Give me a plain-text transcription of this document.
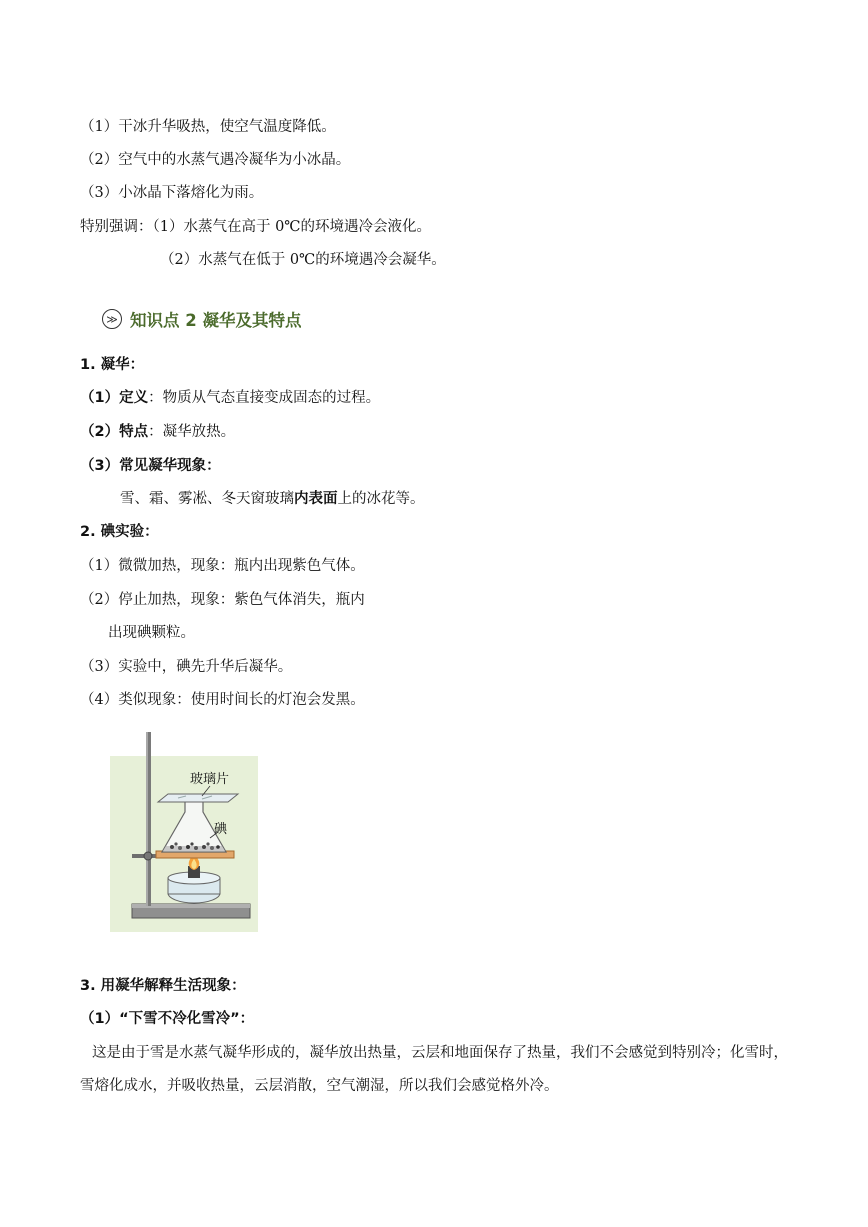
（1）干冰升华吸热，使空气温度降低。
（2）空气中的水蒸气遇冷凝华为小冰晶。
（3）小冰晶下落熔化为雨。
特别强调：（1）水蒸气在高于 0℃的环境遇冷会液化。
（2）水蒸气在低于 0℃的环境遇冷会凝华。
≫ 知识点 2 凝华及其特点
1. 凝华：
（1）定义：物质从气态直接变成固态的过程。
（2）特点：凝华放热。
（3）常见凝华现象：
雪、霜、雾凇、冬天窗玻璃内表面上的冰花等。
2. 碘实验：
（1）微微加热，现象：瓶内出现紫色气体。
（2）停止加热，现象：紫色气体消失，瓶内
出现碘颗粒。
（3）实验中，碘先升华后凝华。
（4）类似现象：使用时间长的灯泡会发黑。
玻璃片
碘
3. 用凝华解释生活现象：
（1）“下雪不冷化雪冷”：
这是由于雪是水蒸气凝华形成的，凝华放出热量，云层和地面保存了热量，我们不会感觉到特别冷；化雪时，雪熔化成水，并吸收热量，云层消散，空气潮湿，所以我们会感觉格外冷。
